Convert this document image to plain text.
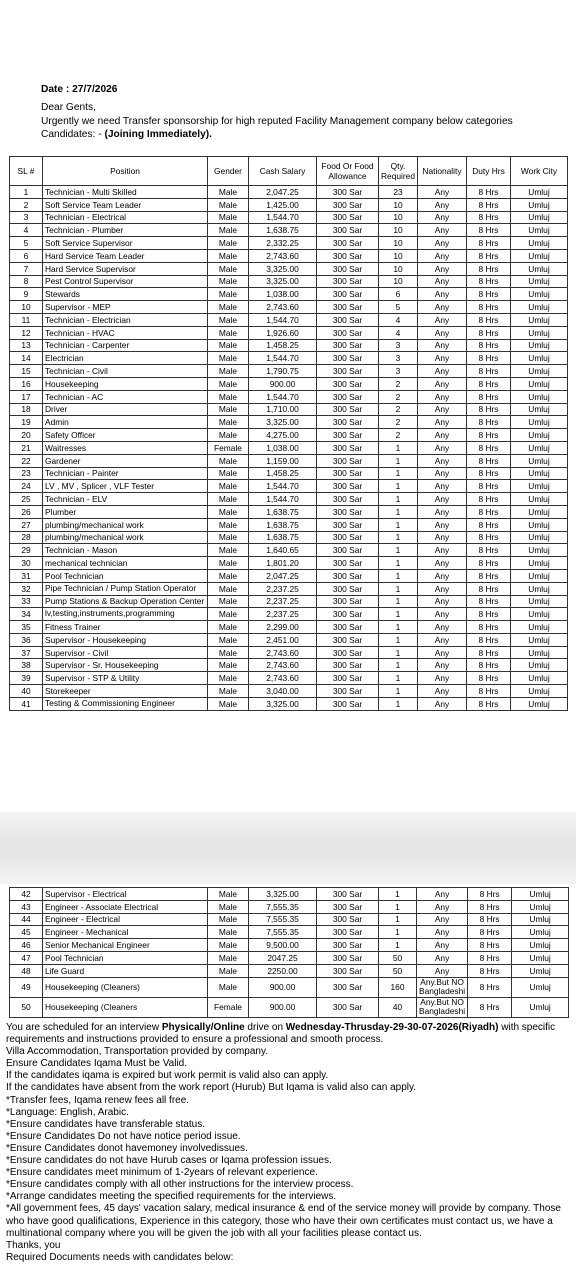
Date : 27/7/2026
Dear Gents,
Urgently we need Transfer sponsorship for high reputed Facility Management company below categories
Candidates: - (Joining Immediately).
SL #	Position	Gender	Cash Salary	Food Or Food Allowance	Qty. Required	Nationality	Duty Hrs	Work City
1	Technician - Multi Skilled	Male	2,047.25	300 Sar	23	Any	8 Hrs	Umluj
2	Soft Service Team Leader	Male	1,425.00	300 Sar	10	Any	8 Hrs	Umluj
3	Technician - Electrical	Male	1,544.70	300 Sar	10	Any	8 Hrs	Umluj
4	Technician - Plumber	Male	1,638.75	300 Sar	10	Any	8 Hrs	Umluj
5	Soft Service Supervisor	Male	2,332.25	300 Sar	10	Any	8 Hrs	Umluj
6	Hard Service Team Leader	Male	2,743.60	300 Sar	10	Any	8 Hrs	Umluj
7	Hard Service Supervisor	Male	3,325.00	300 Sar	10	Any	8 Hrs	Umluj
8	Pest Control Supervisor	Male	3,325.00	300 Sar	10	Any	8 Hrs	Umluj
9	Stewards	Male	1,038.00	300 Sar	6	Any	8 Hrs	Umluj
10	Supervisor - MEP	Male	2,743.60	300 Sar	5	Any	8 Hrs	Umluj
11	Technician - Electrician	Male	1,544.70	300 Sar	4	Any	8 Hrs	Umluj
12	Technician - HVAC	Male	1,926.60	300 Sar	4	Any	8 Hrs	Umluj
13	Technician - Carpenter	Male	1,458.25	300 Sar	3	Any	8 Hrs	Umluj
14	Electrician	Male	1,544.70	300 Sar	3	Any	8 Hrs	Umluj
15	Technician - Civil	Male	1,790.75	300 Sar	3	Any	8 Hrs	Umluj
16	Housekeeping	Male	900.00	300 Sar	2	Any	8 Hrs	Umluj
17	Technician - AC	Male	1,544.70	300 Sar	2	Any	8 Hrs	Umluj
18	Driver	Male	1,710.00	300 Sar	2	Any	8 Hrs	Umluj
19	Admin	Male	3,325.00	300 Sar	2	Any	8 Hrs	Umluj
20	Safety Officer	Male	4,275.00	300 Sar	2	Any	8 Hrs	Umluj
21	Waitresses	Female	1,038.00	300 Sar	1	Any	8 Hrs	Umluj
22	Gardener	Male	1,159.00	300 Sar	1	Any	8 Hrs	Umluj
23	Technician - Painter	Male	1,458.25	300 Sar	1	Any	8 Hrs	Umluj
24	LV , MV , Splicer , VLF Tester	Male	1,544.70	300 Sar	1	Any	8 Hrs	Umluj
25	Technician - ELV	Male	1,544.70	300 Sar	1	Any	8 Hrs	Umluj
26	Plumber	Male	1,638.75	300 Sar	1	Any	8 Hrs	Umluj
27	plumbing/mechanical work	Male	1,638.75	300 Sar	1	Any	8 Hrs	Umluj
28	plumbing/mechanical work	Male	1,638.75	300 Sar	1	Any	8 Hrs	Umluj
29	Technician - Mason	Male	1,640.65	300 Sar	1	Any	8 Hrs	Umluj
30	mechanical technician	Male	1,801.20	300 Sar	1	Any	8 Hrs	Umluj
31	Pool Technician	Male	2,047.25	300 Sar	1	Any	8 Hrs	Umluj
32	Pipe Technician / Pump Station Operator	Male	2,237.25	300 Sar	1	Any	8 Hrs	Umluj
33	Pump Stations & Backup Operation Center	Male	2,237.25	300 Sar	1	Any	8 Hrs	Umluj
34	lv,testing,instruments,programming	Male	2,237.25	300 Sar	1	Any	8 Hrs	Umluj
35	Fitness Trainer	Male	2,299.00	300 Sar	1	Any	8 Hrs	Umluj
36	Supervisor - Housekeeping	Male	2,451.00	300 Sar	1	Any	8 Hrs	Umluj
37	Supervisor - Civil	Male	2,743.60	300 Sar	1	Any	8 Hrs	Umluj
38	Supervisor - Sr. Housekeeping	Male	2,743.60	300 Sar	1	Any	8 Hrs	Umluj
39	Supervisor - STP & Utility	Male	2,743.60	300 Sar	1	Any	8 Hrs	Umluj
40	Storekeeper	Male	3,040.00	300 Sar	1	Any	8 Hrs	Umluj
41	Testing & Commissioning Engineer	Male	3,325.00	300 Sar	1	Any	8 Hrs	Umluj
42	Supervisor - Electrical	Male	3,325.00	300 Sar	1	Any	8 Hrs	Umluj
43	Engineer - Associate Electrical	Male	7,555.35	300 Sar	1	Any	8 Hrs	Umluj
44	Engineer - Electrical	Male	7,555.35	300 Sar	1	Any	8 Hrs	Umluj
45	Engineer - Mechanical	Male	7,555.35	300 Sar	1	Any	8 Hrs	Umluj
46	Senior Mechanical Engineer	Male	9,500.00	300 Sar	1	Any	8 Hrs	Umluj
47	Pool Technician	Male	2047.25	300 Sar	50	Any	8 Hrs	Umluj
48	Life Guard	Male	2250.00	300 Sar	50	Any	8 Hrs	Umluj
49	Housekeeping (Cleaners)	Male	900.00	300 Sar	160	Any.But NO Bangladeshi	8 Hrs	Umluj
50	Housekeeping (Cleaners	Female	900.00	300 Sar	40	Any.But NO Bangladeshi	8 Hrs	Umluj
You are scheduled for an interview Physically/Online drive on Wednesday-Thrusday-29-30-07-2026(Riyadh) with specific requirements and instructions provided to ensure a professional and smooth process.
Villa Accommodation, Transportation provided by company.
Ensure Candidates Iqama Must be Valid.
If the candidates iqama is expired but work permit is valid also can apply.
If the candidates have absent from the work report (Hurub) But Iqama is valid also can apply.
*Transfer fees, Iqama renew fees all free.
*Language: English, Arabic.
*Ensure candidates have transferable status.
*Ensure Candidates Do not have notice period issue.
*Ensure Candidates donot havemoney involvedissues.
*Ensure candidates do not have Hurub cases or Iqama profession issues.
*Ensure candidates meet minimum of 1-2years of relevant experience.
*Ensure candidates comply with all other instructions for the interview process.
*Arrange candidates meeting the specified requirements for the interviews.
*All government fees, 45 days' vacation salary, medical insurance & end of the service money will provide by company. Those who have good qualifications, Experience in this category, those who have their own certificates must contact us, we have a multinational company where you will be given the job with all your facilities please contact us.
Thanks, you
Required Documents needs with candidates below:
